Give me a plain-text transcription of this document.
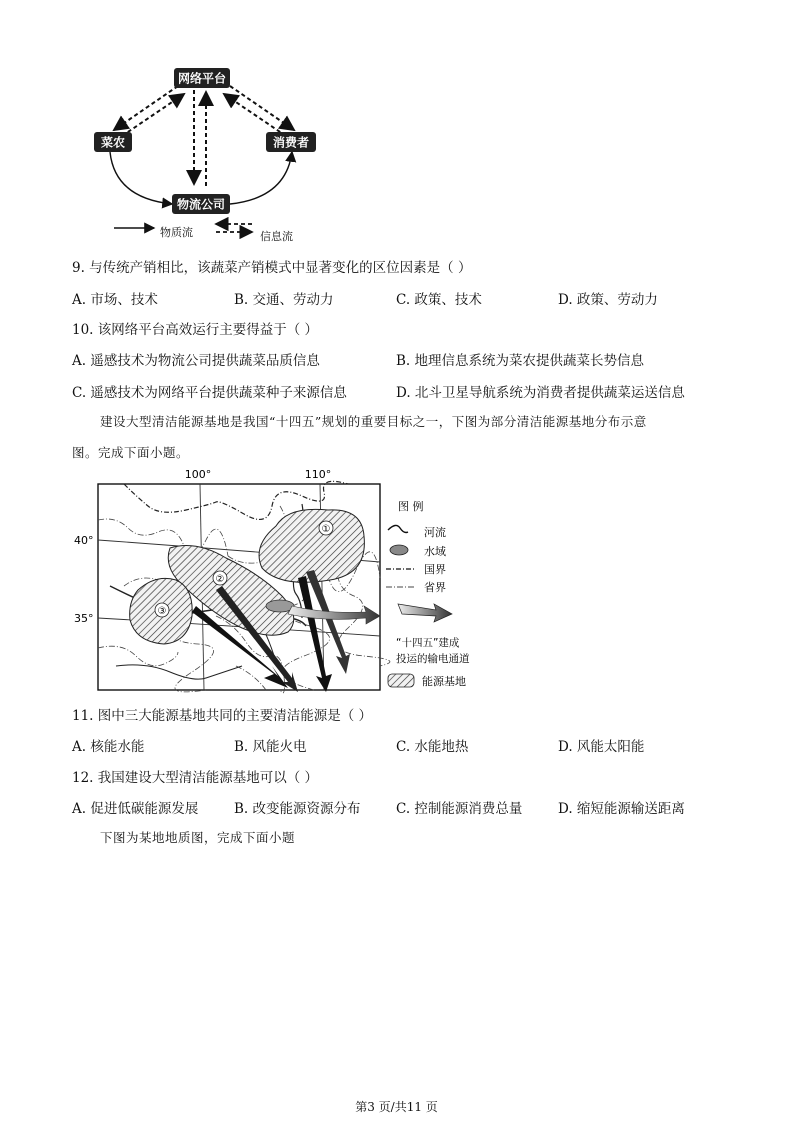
网络平台
菜农	消费者
物流公司
物质流	信息流
9. 与传统产销相比，该蔬菜产销模式中显著变化的区位因素是（ ）
A. 市场、技术	B. 交通、劳动力	C. 政策、技术	D. 政策、劳动力
10. 该网络平台高效运行主要得益于（ ）
A. 遥感技术为物流公司提供蔬菜品质信息	B. 地理信息系统为菜农提供蔬菜长势信息
C. 遥感技术为网络平台提供蔬菜种子来源信息	D. 北斗卫星导航系统为消费者提供蔬菜运送信息
建设大型清洁能源基地是我国“十四五”规划的重要目标之一，下图为部分清洁能源基地分布示意
图。完成下面小题。
100°	110°
40°
35°
①
②
③
图 例
河流
水域
国界
省界
“十四五”建成
投运的输电通道
能源基地
11. 图中三大能源基地共同的主要清洁能源是（ ）
A. 核能水能	B. 风能火电	C. 水能地热	D. 风能太阳能
12. 我国建设大型清洁能源基地可以（ ）
A. 促进低碳能源发展	B. 改变能源资源分布	C. 控制能源消费总量	D. 缩短能源输送距离
下图为某地地质图，完成下面小题
第3 页/共11 页
